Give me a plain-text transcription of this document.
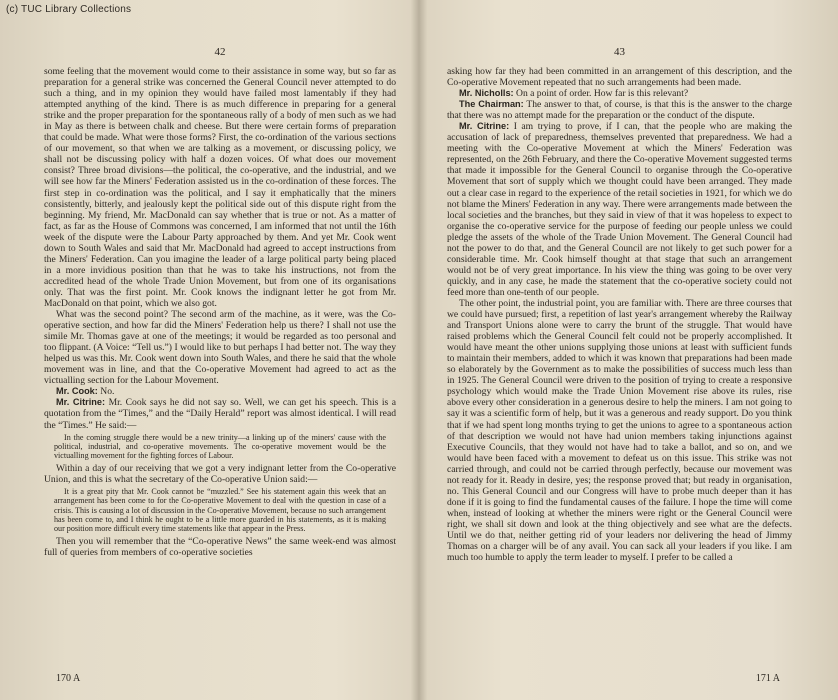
(c) TUC Library Collections
42

some feeling that the movement would come to their assistance in some way, but so far as preparation for a general strike was concerned the General Council never attempted to do such a thing, and in my opinion they would have failed most lamentably if they had attempted anything of the kind. There is as much difference in preparing for a general strike and the proper preparation for the spontaneous rally of a body of men such as we had in May as there is between chalk and cheese. But there were certain forms of preparation that could be made. What were those forms? First, the co-ordination of the various sections of our movement, so that when we are talking as a movement, or discussing policy, we shall not be discussing policy with half a dozen voices. Of what does our movement consist? Three broad divisions—the political, the co-operative, and the industrial, and we will see how far the Miners' Federation assisted us in the co-ordination of these forces. The first step in co-ordination was the political, and I say it emphatically that the miners consistently, bitterly, and jealously kept the political side out of this dispute right from the beginning. My friend, Mr. MacDonald can say whether that is true or not. As a matter of fact, as far as the House of Commons was concerned, I am informed that not until the 16th week of the dispute were the Labour Party approached by them. And yet Mr. Cook went down to South Wales and said that Mr. MacDonald had agreed to accept instructions from the Miners' Federation. Can you imagine the leader of a large political party being placed in a more invidious position than that he was to take his instructions, not from the accredited head of the whole Trade Union Movement, but from one of its organisations only. That was the first point. Mr. Cook knows the indignant letter he got from Mr. MacDonald on that point, which we also got.

What was the second point? The second arm of the machine, as it were, was the Co-operative section, and how far did the Miners' Federation help us there? I shall not use the simile Mr. Thomas gave at one of the meetings; it would be regarded as too personal and too flippant. (A Voice: “Tell us.”) I would like to but perhaps I had better not. The way they helped us was this. Mr. Cook went down into South Wales, and there he said that the whole movement was in line, and that the Co-operative Movement had agreed to act as the victualling section for the Labour Movement.

Mr. Cook: No.

Mr. Citrine: Mr. Cook says he did not say so. Well, we can get his speech. This is a quotation from the “Times,” and the “Daily Herald” report was almost identical. I will read the “Times.” He said:—

In the coming struggle there would be a new trinity—a linking up of the miners' cause with the political, industrial, and co-operative movements. The co-operative movement would be the victualling movement for the fighting forces of Labour.

Within a day of our receiving that we got a very indignant letter from the Co-operative Union, and this is what the secretary of the Co-operative Union said:—

It is a great pity that Mr. Cook cannot be “muzzled.” See his statement again this week that an arrangement has been come to for the Co-operative Movement to deal with the question in case of a crisis. This is causing a lot of discussion in the Co-operative Movement, because no such arrangement has been come to, and I think he ought to be a little more guarded in his statements, as it is making our position more difficult every time statements like that appear in the Press.

Then you will remember that the “Co-operative News” the same week-end was almost full of queries from members of co-operative societies

170 A
43

asking how far they had been committed in an arrangement of this description, and the Co-operative Movement repeated that no such arrangements had been made.

Mr. Nicholls: On a point of order. How far is this relevant?

The Chairman: The answer to that, of course, is that this is the answer to the charge that there was no attempt made for the preparation or the conduct of the dispute.

Mr. Citrine: I am trying to prove, if I can, that the people who are making the accusation of lack of preparedness, themselves prevented that preparedness. We had a meeting with the Co-operative Movement at which the Miners' Federation was represented, on the 26th February, and there the Co-operative Movement suggested terms that made it impossible for the General Council to organise through the Co-operative Movement that sort of supply which we thought could have been arranged. They made out a clear case in regard to the experience of the retail societies in 1921, for which we do not blame the Miners' Federation in any way. There were arrangements made between the local societies and the branches, but they said in view of that it was hopeless to expect to organise the co-operative service for the purpose of feeding our people unless we could pledge the assets of the whole of the Trade Union Movement. The General Council had not the power to do that, and the General Council are not likely to get such power for a considerable time. Mr. Cook himself thought at that stage that such an arrangement would not be of very great importance. In his view the thing was going to be over very quickly, and in any case, he made the statement that the co-operative society could not feed more than one-tenth of our people.

The other point, the industrial point, you are familiar with. There are three courses that we could have pursued; first, a repetition of last year's arrangement whereby the Railway and Transport Unions alone were to carry the brunt of the struggle. That would have raised problems which the General Council felt could not be properly accomplished. It would have meant the other unions supplying those unions at least with sufficient funds to maintain their members, added to which it was known that preparations had been made so elaborately by the Government as to make the possibilities of success much less than in 1925. The General Council were driven to the position of trying to create a responsive psychology which would make the Trade Union Movement rise above its rules, rise above every other consideration in a generous desire to help the miners. I am not going to say it was a scientific form of help, but it was a generous and ready support. Do you think that if we had spent long months trying to get the unions to agree to a spontaneous action of that description we would not have had union members taking injunctions against Executive Councils, that they would not have had to take a ballot, and so on, and we would have been faced with a movement to defeat us on this issue. This strike was not carried through, and could not be carried through perfectly, because our movement was not ready for it. Ready in desire, yes; the response proved that; but ready in organisation, no. This General Council and our Congress will have to probe much deeper than it has done if it is going to find the fundamental causes of the failure. I hope the time will come when, instead of looking at whether the miners were right or the General Council were right, we shall sit down and look at the thing objectively and see what are the defects. Until we do that, neither getting rid of your leaders nor delivering the head of Jimmy Thomas on a charger will be of any avail. You can sack all your leaders if you like. I am much too humble to apply the term leader to myself. I prefer to be called a

171 A
